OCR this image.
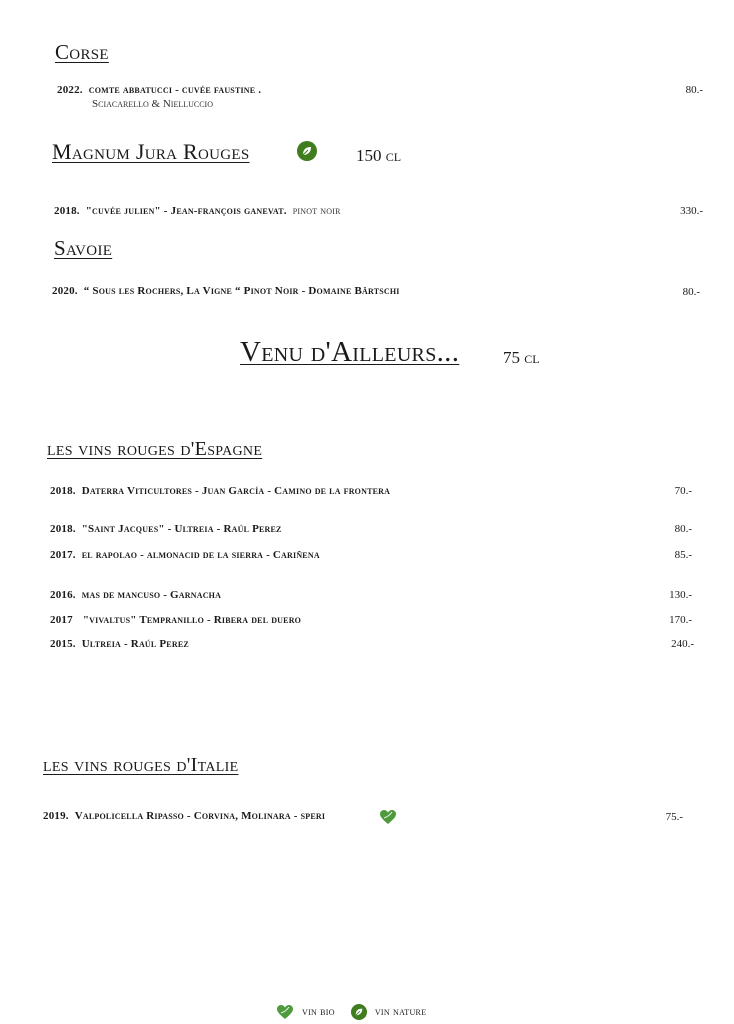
Corse
2022. comte abbatucci - cuvée faustine .
Sciacarello & Nielluccio
80.-
Magnum Jura Rouges	150 cl
2018. "cuvée julien" - Jean-françois ganevat. pinot noir	330.-
Savoie
2020. “ Sous les Rochers, La Vigne “ Pinot Noir - Domaine Bärtschi	80.-
Venu d'Ailleurs...	75 cl
les vins rouges d'Espagne
2018. Daterra Viticultores - Juan García - Camino de la frontera	70.-
2018. "Saint Jacques" - Ultreia - Raúl Perez	80.-
2017. el rapolao - almonacid de la sierra - Cariñena	85.-
2016. mas de mancuso - Garnacha	130.-
2017 "vivaltus" Tempranillo - Ribera del duero	170.-
2015. Ultreia - Raúl Perez	240.-
les vins rouges d'Italie
2019. Valpolicella Ripasso - Corvina, Molinara - speri	75.-
vin bio	vin nature
